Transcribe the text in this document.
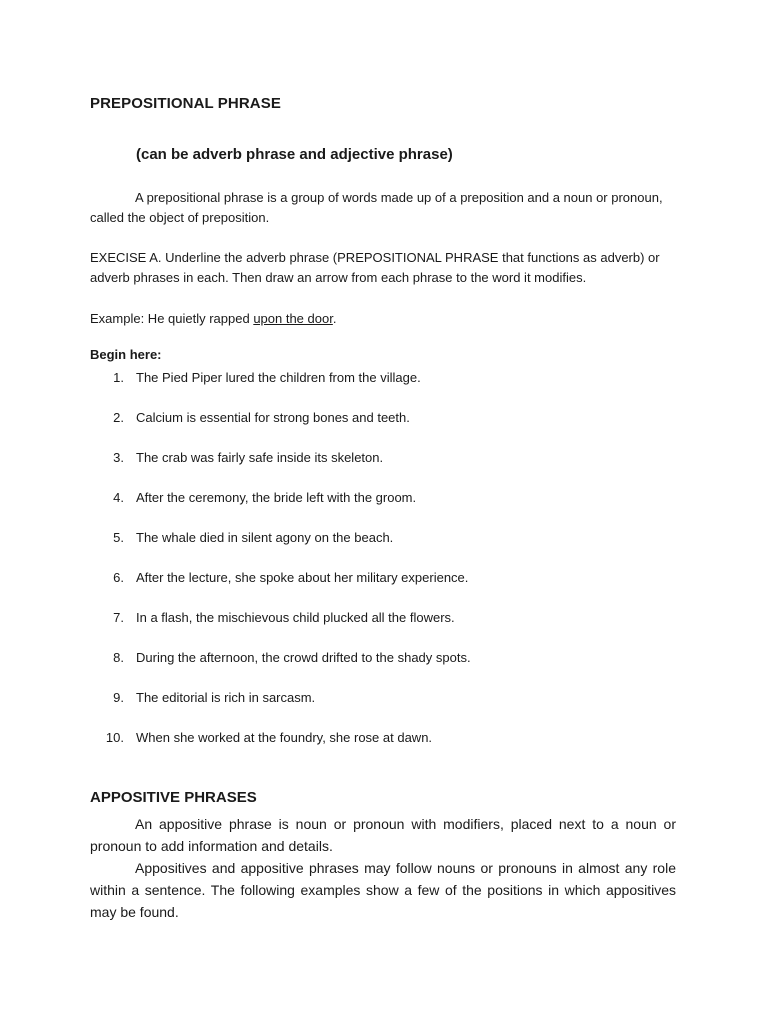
PREPOSITIONAL PHRASE
(can be adverb phrase and adjective phrase)
A prepositional phrase is a group of words made up of a preposition and a noun or pronoun, called the object of preposition.
EXECISE A. Underline the adverb phrase (PREPOSITIONAL PHRASE that functions as adverb) or adverb phrases in each. Then draw an arrow from each phrase to the word it modifies.
Example: He quietly rapped upon the door.
Begin here:
1. The Pied Piper lured the children from the village.
2. Calcium is essential for strong bones and teeth.
3. The crab was fairly safe inside its skeleton.
4. After the ceremony, the bride left with the groom.
5. The whale died in silent agony on the beach.
6. After the lecture, she spoke about her military experience.
7. In a flash, the mischievous child plucked all the flowers.
8. During the afternoon, the crowd drifted to the shady spots.
9. The editorial is rich in sarcasm.
10. When she worked at the foundry, she rose at dawn.
APPOSITIVE PHRASES
An appositive phrase is noun or pronoun with modifiers, placed next to a noun or pronoun to add information and details.
Appositives and appositive phrases may follow nouns or pronouns in almost any role within a sentence. The following examples show a few of the positions in which appositives may be found.
